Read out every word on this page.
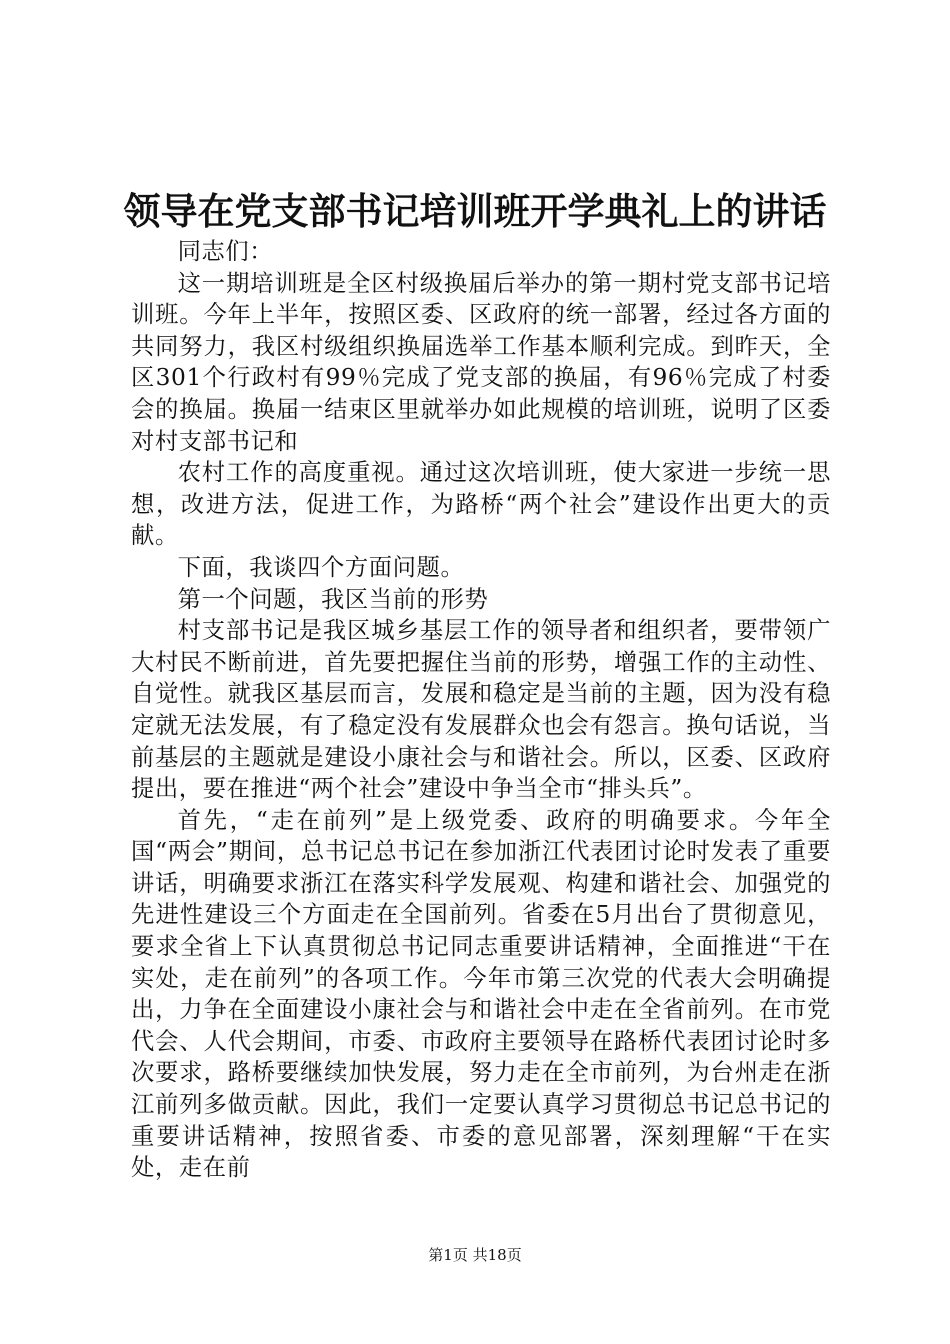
领导在党支部书记培训班开学典礼上的讲话

同志们：

这一期培训班是全区村级换届后举办的第一期村党支部书记培训班。今年上半年，按照区委、区政府的统一部署，经过各方面的共同努力，我区村级组织换届选举工作基本顺利完成。到昨天，全区301个行政村有99％完成了党支部的换届，有96％完成了村委会的换届。换届一结束区里就举办如此规模的培训班，说明了区委对村支部书记和

农村工作的高度重视。通过这次培训班，使大家进一步统一思想，改进方法，促进工作，为路桥“两个社会”建设作出更大的贡献。

下面，我谈四个方面问题。

第一个问题，我区当前的形势

村支部书记是我区城乡基层工作的领导者和组织者，要带领广大村民不断前进，首先要把握住当前的形势，增强工作的主动性、自觉性。就我区基层而言，发展和稳定是当前的主题，因为没有稳定就无法发展，有了稳定没有发展群众也会有怨言。换句话说，当前基层的主题就是建设小康社会与和谐社会。所以，区委、区政府提出，要在推进“两个社会”建设中争当全市“排头兵”。

首先，“走在前列”是上级党委、政府的明确要求。今年全国“两会”期间，总书记总书记在参加浙江代表团讨论时发表了重要讲话，明确要求浙江在落实科学发展观、构建和谐社会、加强党的先进性建设三个方面走在全国前列。省委在5月出台了贯彻意见，要求全省上下认真贯彻总书记同志重要讲话精神，全面推进“干在实处，走在前列”的各项工作。今年市第三次党的代表大会明确提出，力争在全面建设小康社会与和谐社会中走在全省前列。在市党代会、人代会期间，市委、市政府主要领导在路桥代表团讨论时多次要求，路桥要继续加快发展，努力走在全市前列，为台州走在浙江前列多做贡献。因此，我们一定要认真学习贯彻总书记总书记的重要讲话精神，按照省委、市委的意见部署，深刻理解“干在实处，走在前

第1页 共18页
